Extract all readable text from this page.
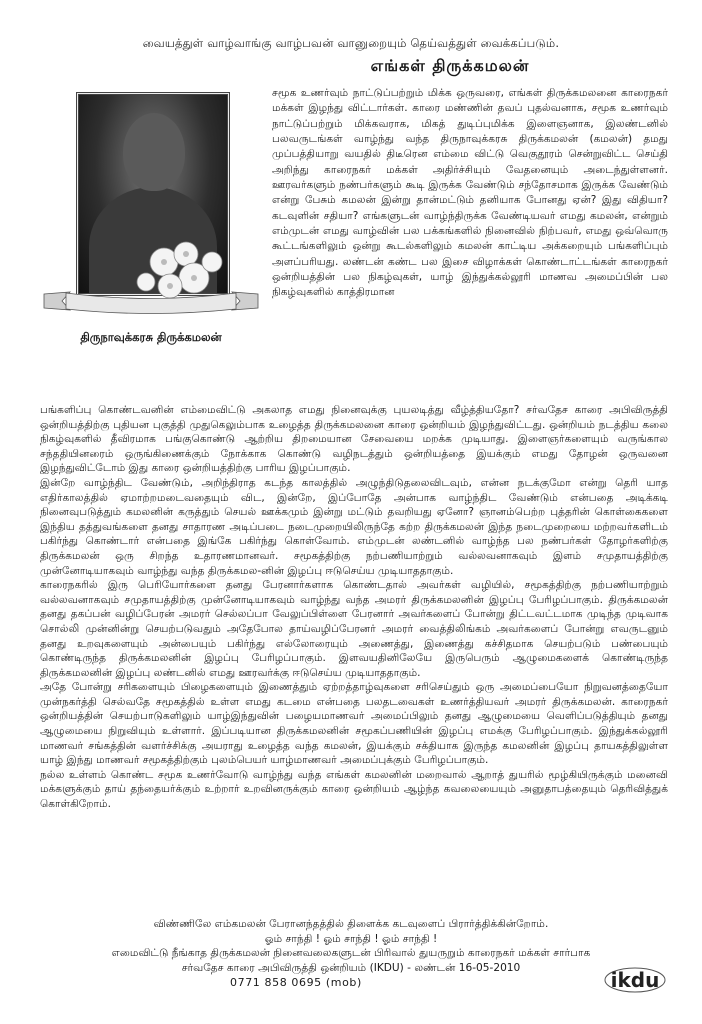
வையத்துள் வாழ்வாங்கு வாழ்பவன் வானுறையும் தெய்வத்துள் வைக்கப்படும்.
எங்கள் திருக்கமலன்
திருநாவுக்கரசு திருக்கமலன்
சமூக உணர்வும் நாட்டுப்பற்றும் மிக்க ஒருவரை, எங்கள் திருக்கமலனை காரைநகர் மக்கள் இழந்து விட்டார்கள். காரை மண்ணின் தவப் புதல்வனாக, சமூக உணர்வும் நாட்டுப்பற்றும் மிக்கவராக, மிகத் துடிப்புமிக்க இளைஞனாக, இலண்டனில் பலவருடங்கள் வாழ்ந்து வந்த திருநாவுக்கரசு திருக்கமலன் (கமலன்) தமது முப்பத்தியாறு வயதில் திடீரென எம்மை விட்டு வெகுதூரம் சென்றுவிட்ட செய்தி அறிந்து காரைநகர் மக்கள் அதிர்ச்சியும் வேதனையும் அடைந்துள்ளனர். ஊரவர்களும் நண்பர்களும் கூடி இருக்க வேண்டும் சந்தோசமாக இருக்க வேண்டும் என்று பேசும் கமலன் இன்று தான்மட்டும் தனியாக போனது ஏன்? இது விதியா? கடவுளின் சதியா? எங்களுடன் வாழ்ந்திருக்க வேண்டியவர் எமது கமலன், என்றும் எம்முடன் எமது வாழ்வின் பல பக்கங்களில் நினைவில் நிற்பவர், எமது ஒவ்வொரு கூட்டங்களிலும் ஒன்று கூடல்களிலும் கமலன் காட்டிய அக்கறையும் பங்களிப்பும் அளப்பரியது. லண்டன் கண்ட பல இசை விழாக்கள் கொண்டாட்டங்கள் காரைநகர் ஒன்றியத்தின் பல நிகழ்வுகள், யாழ் இந்துக்கல்லூரி மாணவ அமைப்பின் பல நிகழ்வுகளில் காத்திரமான

பங்களிப்பு கொண்டவனின் எம்மைவிட்டு அகலாத எமது நினைவுக்கு புயலடித்து வீழ்த்தியதோ? சர்வதேச காரை அபிவிருத்தி ஒன்றியத்திற்கு புதியன புகுத்தி முதுகெலும்பாக உழைத்த திருக்கமலனை காரை ஒன்றியம் இழந்துவிட்டது. ஒன்றியம் நடத்திய கலை நிகழ்வுகளில் தீவிரமாக பங்குகொண்டு ஆற்றிய திறமையான சேவையை மறக்க முடியாது. இளைஞர்களையும் வருங்கால சந்ததியினரைம் ஒருங்கிணைக்கும் நோக்காக கொண்டு வழிநடத்தும் ஒன்றியத்தை இயக்கும் எமது தோழன் ஒருவனை இழந்துவிட்டோம் இது காரை ஒன்றியத்திற்கு பாரிய இழப்பாகும்.

இன்றே வாழ்ந்திட வேண்டும், அறிந்திராத கடந்த காலத்தில் அழுந்திடுதலைவிடவும், என்ன நடக்குமோ என்று தெரி யாத எதிர்காலத்தில் ஏமாற்றமடைவதையும் விட, இன்றே, இப்போதே அன்பாக வாழ்ந்திட வேண்டும் என்பதை அடிக்கடி நினைவுபடுத்தும் கமலனின் கருத்தும் செயல் ஊக்கமும் இன்று மட்டும் தவறியது ஏனோ? ஞானம்பெற்ற புத்தரின் கொள்கைகளை இந்திய தத்துவங்களை தனது சாதாரண அடிப்படை நடைமுறையிலிருந்தே கற்ற திருக்கமலன் இந்த நடைமுறையை மற்றவர்களிடம் பகிர்ந்து கொண்டார் என்பதை இங்கே பகிர்ந்து கொள்வோம். எம்முடன் லண்டனில் வாழ்ந்த பல நண்பர்கள் தோழர்களிற்கு திருக்கமலன் ஒரு சிறந்த உதாரணமானவர். சமூகத்திற்கு நற்பணியாற்றும் வல்லவனாகவும் இளம் சமுதாயத்திற்கு முன்னோடியாகவும் வாழ்ந்து வந்த திருக்கமல-னின் இழப்பு ஈடுசெய்ய முடியாததாகும்.

காரைநகரில் இரு பெரியோர்களை தனது பேரனார்களாக கொண்டதால் அவர்கள் வழியில், சமூகத்திற்கு நற்பணியாற்றும் வல்லவனாகவும் சமுதாயத்திற்கு முன்னோடியாகவும் வாழ்ந்து வந்த அமரர் திருக்கமலனின் இழப்பு பேரிழப்பாகும். திருக்கமலன் தனது தகப்பன் வழிப்பேரன் அமரர் செல்லப்பா வேலுப்பிள்ளை பேரனார் அவர்களைப் போன்று திட்டவட்டமாக முடிந்த முடிவாக சொல்லி முன்னின்று செயற்படுவதும் அதேபோல தாய்வழிப்பேரனர் அமரர் வைத்திலிங்கம் அவர்களைப் போன்று எவருடனும் தனது உறவுகளையும் அன்பையும் பகிர்ந்து எல்லோரையும் அணைத்து, இணைத்து கச்சிதமாக செயற்படும் பண்பையும் கொண்டிருந்த திருக்கமலனின் இழப்பு பேரிழப்பாகும். இளவயதினிலேயே இருபெரும் ஆழுமைகளைக் கொண்டிருந்த திருக்கமலனின் இழப்பு லண்டனில் எமது ஊரவர்க்கு ஈடுசெய்ய முடியாததாகும்.

அதே போன்று சரிகளையும் பிழைகளையும் இணைத்தும் ஏற்றத்தாழ்வுகளை சரிசெய்தும் ஒரு அமைப்பையோ நிறுவனத்தையோ முன்நகர்த்தி செல்வதே சமூகத்தில் உள்ள எமது கடமை என்பதை பலதடவைகள் உணர்த்தியவர் அமரர் திருக்கமலன். காரைநகர் ஒன்றியத்தின் செயற்பாடுகளிலும் யாழ்இந்துவின் பழையமாணவர் அமைப்பிலும் தனது ஆழுமையை வெளிப்படுத்தியும் தனது ஆழுமையை நிறுவியும் உள்ளார். இப்படியான திருக்கமலனின் சமூகப்பணியின் இழப்பு எமக்கு பேரிழப்பாகும். இந்துக்கல்லூரி மாணவர் சங்கத்தின் வளர்ச்சிக்கு அயராது உழைத்த வந்த கமலன், இயக்கும் சக்தியாக இருந்த கமலனின் இழப்பு தாயகத்திலுள்ள யாழ் இந்து மாணவர் சமூகத்திற்கும் புலம்பெயர் யாழ்மாணவர் அமைப்புக்கும் பேரிழப்பாகும்.

நல்ல உள்ளம் கொண்ட சமூக உணர்வோடு வாழ்ந்து வந்த எங்கள் கமலனின் மறைவால் ஆறாத் துயரில் மூழ்கியிருக்கும் மனைவி மக்களுக்கும் தாய் தந்தையர்க்கும் உற்றார் உறவினருக்கும் காரை ஒன்றியம் ஆழ்ந்த கவலையையும் அனுதாபத்தையும் தெரிவித்துக் கொள்கிறோம்.

விண்ணிலே எம்கமலன் பேரானந்தத்தில் திளைக்க கடவுளைப் பிரார்த்திக்கின்றோம்.
ஓம் சாந்தி ! ஓம் சாந்தி ! ஓம் சாந்தி !
எமைவிட்டு நீங்காத திருக்கமலன் நினைவலைகளுடன் பிரிவால் துயருறும் காரைநகர் மக்கள் சார்பாக
சர்வதேச காரை அபிவிருத்தி ஒன்றியம் (IKDU) - லண்டன் 16-05-2010
0771 858 0695 (mob)	ikdu
